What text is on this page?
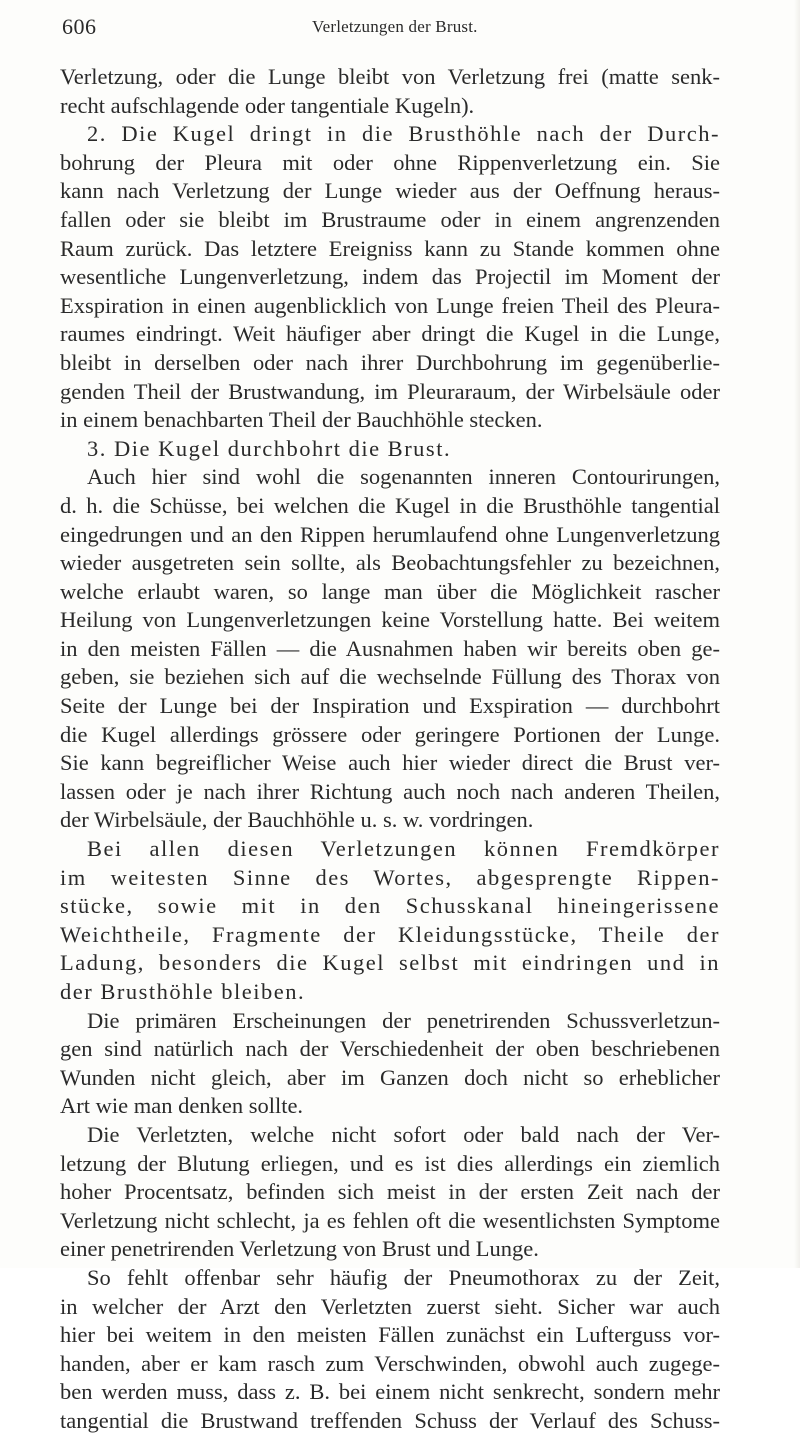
606	Verletzungen der Brust.
Verletzung, oder die Lunge bleibt von Verletzung frei (matte senk-
recht aufschlagende oder tangentiale Kugeln).
2. Die Kugel dringt in die Brusthöhle nach der Durch-
bohrung der Pleura mit oder ohne Rippenverletzung ein. Sie
kann nach Verletzung der Lunge wieder aus der Oeffnung heraus-
fallen oder sie bleibt im Brustraume oder in einem angrenzenden
Raum zurück. Das letztere Ereigniss kann zu Stande kommen ohne
wesentliche Lungenverletzung, indem das Projectil im Moment der
Exspiration in einen augenblicklich von Lunge freien Theil des Pleura-
raumes eindringt. Weit häufiger aber dringt die Kugel in die Lunge,
bleibt in derselben oder nach ihrer Durchbohrung im gegenüberlie-
genden Theil der Brustwandung, im Pleuraraum, der Wirbelsäule oder
in einem benachbarten Theil der Bauchhöhle stecken.
3. Die Kugel durchbohrt die Brust.
Auch hier sind wohl die sogenannten inneren Contourirungen,
d. h. die Schüsse, bei welchen die Kugel in die Brusthöhle tangential
eingedrungen und an den Rippen herumlaufend ohne Lungenverletzung
wieder ausgetreten sein sollte, als Beobachtungsfehler zu bezeichnen,
welche erlaubt waren, so lange man über die Möglichkeit rascher
Heilung von Lungenverletzungen keine Vorstellung hatte. Bei weitem
in den meisten Fällen — die Ausnahmen haben wir bereits oben ge-
geben, sie beziehen sich auf die wechselnde Füllung des Thorax von
Seite der Lunge bei der Inspiration und Exspiration — durchbohrt
die Kugel allerdings grössere oder geringere Portionen der Lunge.
Sie kann begreiflicher Weise auch hier wieder direct die Brust ver-
lassen oder je nach ihrer Richtung auch noch nach anderen Theilen,
der Wirbelsäule, der Bauchhöhle u. s. w. vordringen.
Bei allen diesen Verletzungen können Fremdkörper
im weitesten Sinne des Wortes, abgesprengte Rippen-
stücke, sowie mit in den Schusskanal hineingerissene
Weichtheile, Fragmente der Kleidungsstücke, Theile der
Ladung, besonders die Kugel selbst mit eindringen und in
der Brusthöhle bleiben.
Die primären Erscheinungen der penetrirenden Schussverletzun-
gen sind natürlich nach der Verschiedenheit der oben beschriebenen
Wunden nicht gleich, aber im Ganzen doch nicht so erheblicher
Art wie man denken sollte.
Die Verletzten, welche nicht sofort oder bald nach der Ver-
letzung der Blutung erliegen, und es ist dies allerdings ein ziemlich
hoher Procentsatz, befinden sich meist in der ersten Zeit nach der
Verletzung nicht schlecht, ja es fehlen oft die wesentlichsten Symptome
einer penetrirenden Verletzung von Brust und Lunge.
So fehlt offenbar sehr häufig der Pneumothorax zu der Zeit,
in welcher der Arzt den Verletzten zuerst sieht. Sicher war auch
hier bei weitem in den meisten Fällen zunächst ein Lufterguss vor-
handen, aber er kam rasch zum Verschwinden, obwohl auch zugege-
ben werden muss, dass z. B. bei einem nicht senkrecht, sondern mehr
tangential die Brustwand treffenden Schuss der Verlauf des Schuss-
